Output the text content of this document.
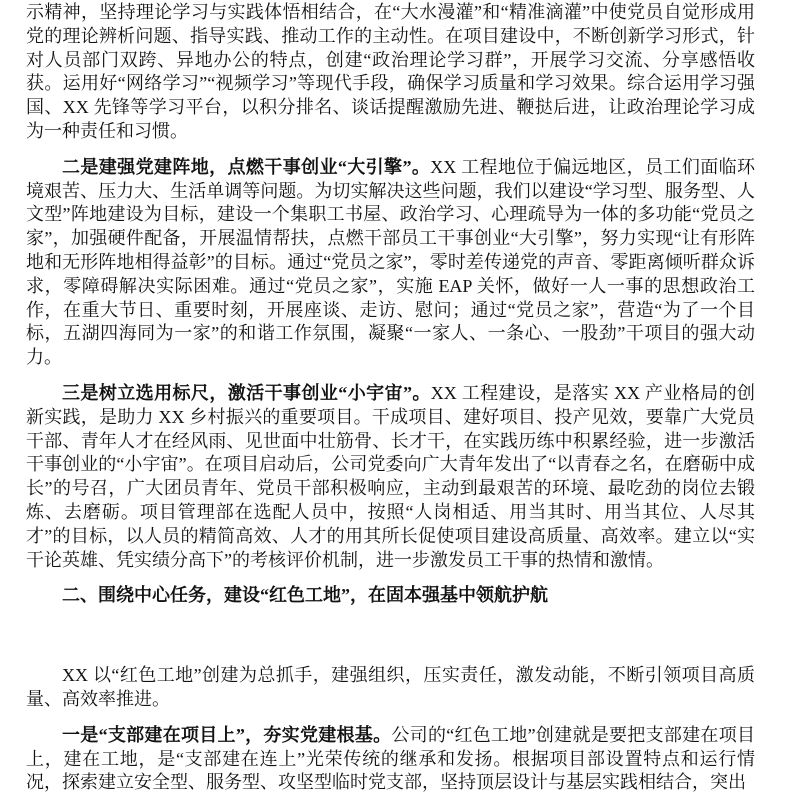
示精神，坚持理论学习与实践体悟相结合，在“大水漫灌”和“精准滴灌”中使党员自觉形成用党的理论辨析问题、指导实践、推动工作的主动性。在项目建设中，不断创新学习形式，针对人员部门双跨、异地办公的特点，创建“政治理论学习群”，开展学习交流、分享感悟收获。运用好“网络学习”“视频学习”等现代手段，确保学习质量和学习效果。综合运用学习强国、XX 先锋等学习平台，以积分排名、谈话提醒激励先进、鞭挞后进，让政治理论学习成为一种责任和习惯。

二是建强党建阵地，点燃干事创业“大引擎”。XX 工程地位于偏远地区，员工们面临环境艰苦、压力大、生活单调等问题。为切实解决这些问题，我们以建设“学习型、服务型、人文型”阵地建设为目标，建设一个集职工书屋、政治学习、心理疏导为一体的多功能“党员之家”，加强硬件配备，开展温情帮扶，点燃干部员工干事创业“大引擎”，努力实现“让有形阵地和无形阵地相得益彰”的目标。通过“党员之家”，零时差传递党的声音、零距离倾听群众诉求，零障碍解决实际困难。通过“党员之家”，实施 EAP 关怀，做好一人一事的思想政治工作，在重大节日、重要时刻，开展座谈、走访、慰问；通过“党员之家”，营造“为了一个目标，五湖四海同为一家”的和谐工作氛围，凝聚“一家人、一条心、一股劲”干项目的强大动力。

三是树立选用标尺，激活干事创业“小宇宙”。XX 工程建设，是落实 XX 产业格局的创新实践，是助力 XX 乡村振兴的重要项目。干成项目、建好项目、投产见效，要靠广大党员干部、青年人才在经风雨、见世面中壮筋骨、长才干，在实践历练中积累经验，进一步激活干事创业的“小宇宙”。在项目启动后，公司党委向广大青年发出了“以青春之名，在磨砺中成长”的号召，广大团员青年、党员干部积极响应，主动到最艰苦的环境、最吃劲的岗位去锻炼、去磨砺。项目管理部在选配人员中，按照“人岗相适、用当其时、用当其位、人尽其才”的目标，以人员的精简高效、人才的用其所长促使项目建设高质量、高效率。建立以“实干论英雄、凭实绩分高下”的考核评价机制，进一步激发员工干事的热情和激情。

二、围绕中心任务，建设“红色工地”，在固本强基中领航护航

XX 以“红色工地”创建为总抓手，建强组织，压实责任，激发动能，不断引领项目高质量、高效率推进。

一是“支部建在项目上”，夯实党建根基。公司的“红色工地”创建就是要把支部建在项目上，建在工地，是“支部建在连上”光荣传统的继承和发扬。根据项目部设置特点和运行情况，探索建立安全型、服务型、攻坚型临时党支部，坚持顶层设计与基层实践相结合，突出
